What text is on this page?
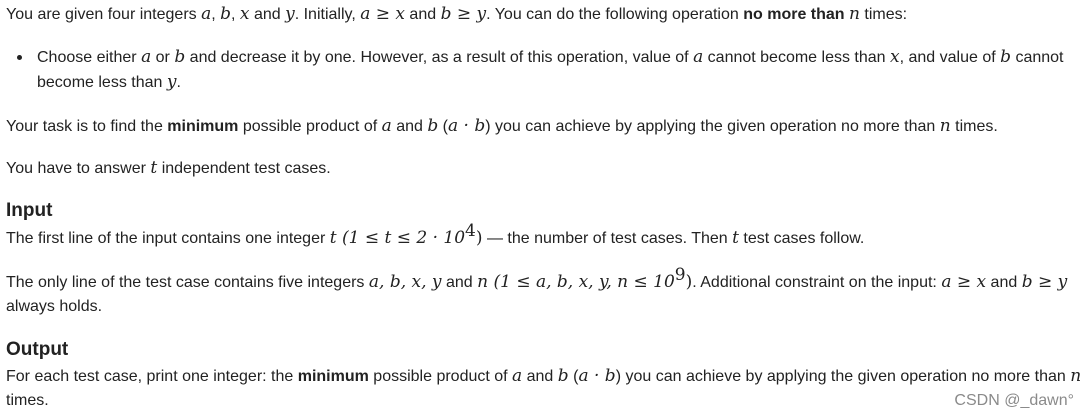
You are given four integers a, b, x and y. Initially, a ≥ x and b ≥ y. You can do the following operation no more than n times:

Choose either a or b and decrease it by one. However, as a result of this operation, value of a cannot become less than x, and value of b cannot become less than y.

Your task is to find the minimum possible product of a and b (a · b) you can achieve by applying the given operation no more than n times.

You have to answer t independent test cases.

Input

The first line of the input contains one integer t $(1 \le t \le 2 \cdot 10^4)$ — the number of test cases. Then t test cases follow.

The only line of the test case contains five integers a, b, x, y and n (1 ≤ a, b, x, y, $n \le 10^9$). Additional constraint on the input: a ≥ x and b ≥ y always holds.

Output

For each test case, print one integer: the minimum possible product of a and b (a · b) you can achieve by applying the given operation no more than n times.	CSDN @_dawn°
